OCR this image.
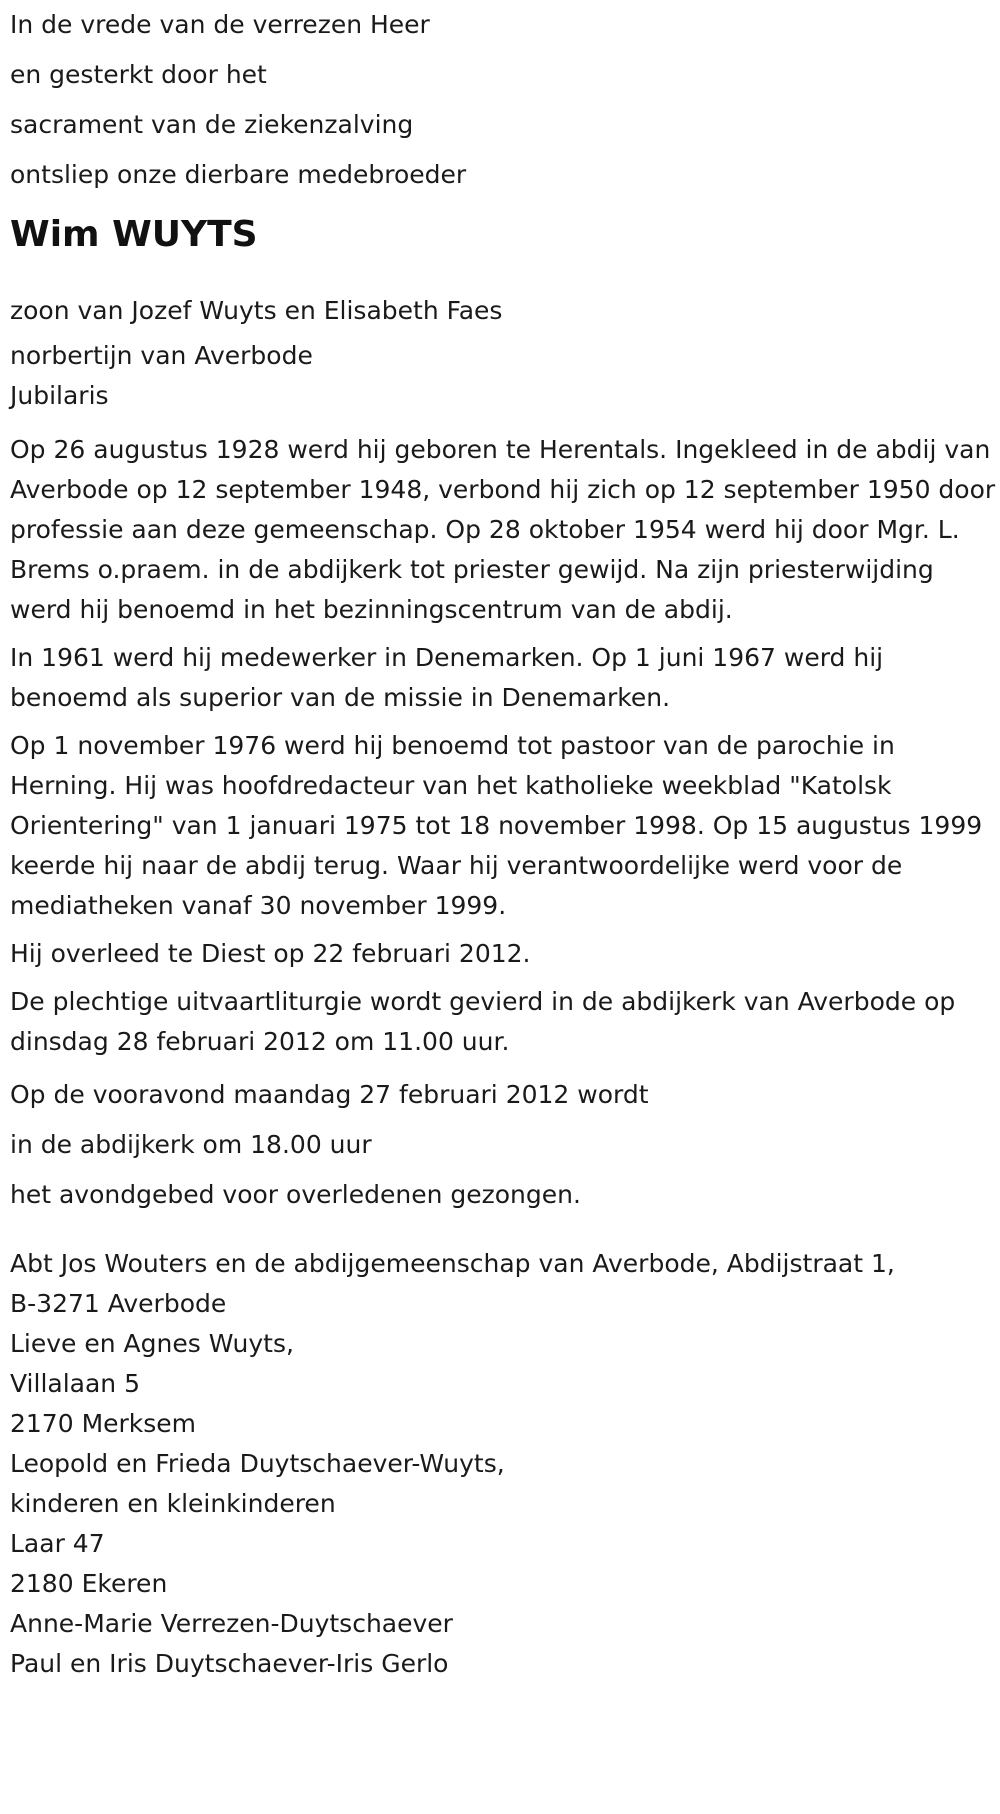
In de vrede van de verrezen Heer
en gesterkt door het
sacrament van de ziekenzalving
ontsliep onze dierbare medebroeder
Wim WUYTS
zoon van Jozef Wuyts en Elisabeth Faes
norbertijn van Averbode
Jubilaris
Op 26 augustus 1928 werd hij geboren te Herentals. Ingekleed in de abdij van Averbode op 12 september 1948, verbond hij zich op 12 september 1950 door professie aan deze gemeenschap. Op 28 oktober 1954 werd hij door Mgr. L. Brems o.praem. in de abdijkerk tot priester gewijd. Na zijn priesterwijding werd hij benoemd in het bezinningscentrum van de abdij.
In 1961 werd hij medewerker in Denemarken. Op 1 juni 1967 werd hij benoemd als superior van de missie in Denemarken.
Op 1 november 1976 werd hij benoemd tot pastoor van de parochie in Herning. Hij was hoofdredacteur van het katholieke weekblad "Katolsk Orientering" van 1 januari 1975 tot 18 november 1998. Op 15 augustus 1999 keerde hij naar de abdij terug. Waar hij verantwoordelijke werd voor de mediatheken vanaf 30 november 1999.
Hij overleed te Diest op 22 februari 2012.
De plechtige uitvaartliturgie wordt gevierd in de abdijkerk van Averbode op dinsdag 28 februari 2012 om 11.00 uur.
Op de vooravond maandag 27 februari 2012 wordt
in de abdijkerk om 18.00 uur
het avondgebed voor overledenen gezongen.
Abt Jos Wouters en de abdijgemeenschap van Averbode, Abdijstraat 1,
B-3271 Averbode
Lieve en Agnes Wuyts,
Villalaan 5
2170 Merksem
Leopold en Frieda Duytschaever-Wuyts,
kinderen en kleinkinderen
Laar 47
2180 Ekeren
Anne-Marie Verrezen-Duytschaever
Paul en Iris Duytschaever-Iris Gerlo
